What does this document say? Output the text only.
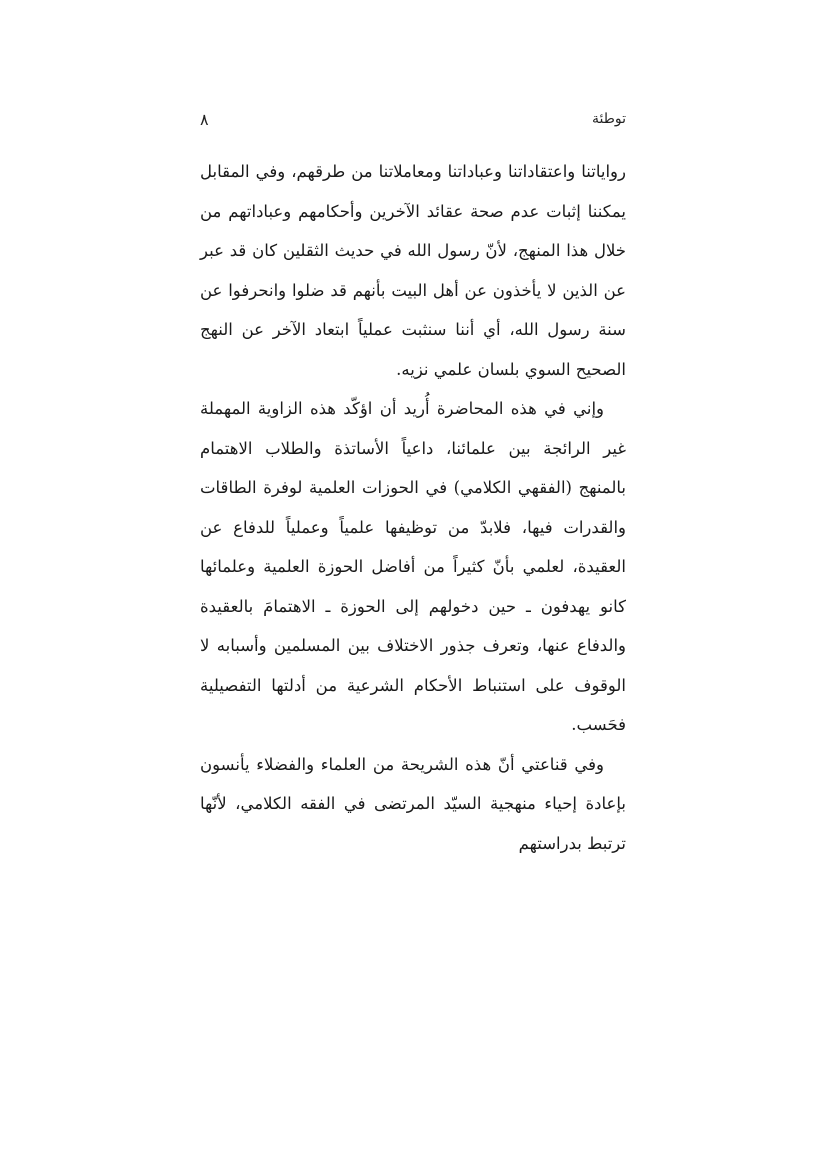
توطئة
٨

رواياتنا واعتقاداتنا وعباداتنا ومعاملاتنا من طرقهم، وفي المقابل يمكننا إثبات عدم صحة عقائد الآخرين وأحكامهم وعباداتهم من خلال هذا المنهج، لأنّ رسول الله في حديث الثقلين كان قد عبر عن الذين لا يأخذون عن أهل البيت بأنهم قد ضلوا وانحرفوا عن سنة رسول الله، أي أننا سنثبت عملياً ابتعاد الآخر عن النهج الصحيح السوي بلسان علمي نزيه.

وإني في هذه المحاضرة أُريد أن اؤكّد هذه الزاوية المهملة غير الرائجة بين علمائنا، داعياً الأساتذة والطلاب الاهتمام بالمنهج (الفقهي الكلامي) في الحوزات العلمية لوفرة الطاقات والقدرات فيها، فلابدّ من توظيفها علمياً وعملياً للدفاع عن العقيدة، لعلمي بأنّ كثيراً من أفاضل الحوزة العلمية وعلمائها كانو يهدفون ـ حين دخولهم إلى الحوزة ـ الاهتمامَ بالعقيدة والدفاع عنها، وتعرف جذور الاختلاف بين المسلمين وأسبابه لا الوقوف على استنباط الأحكام الشرعية من أدلتها التفصيلية فحَسب.

وفي قناعتي أنّ هذه الشريحة من العلماء والفضلاء يأنسون بإعادة إحياء منهجية السيّد المرتضى في الفقه الكلامي، لأنّها ترتبط بدراستهم
